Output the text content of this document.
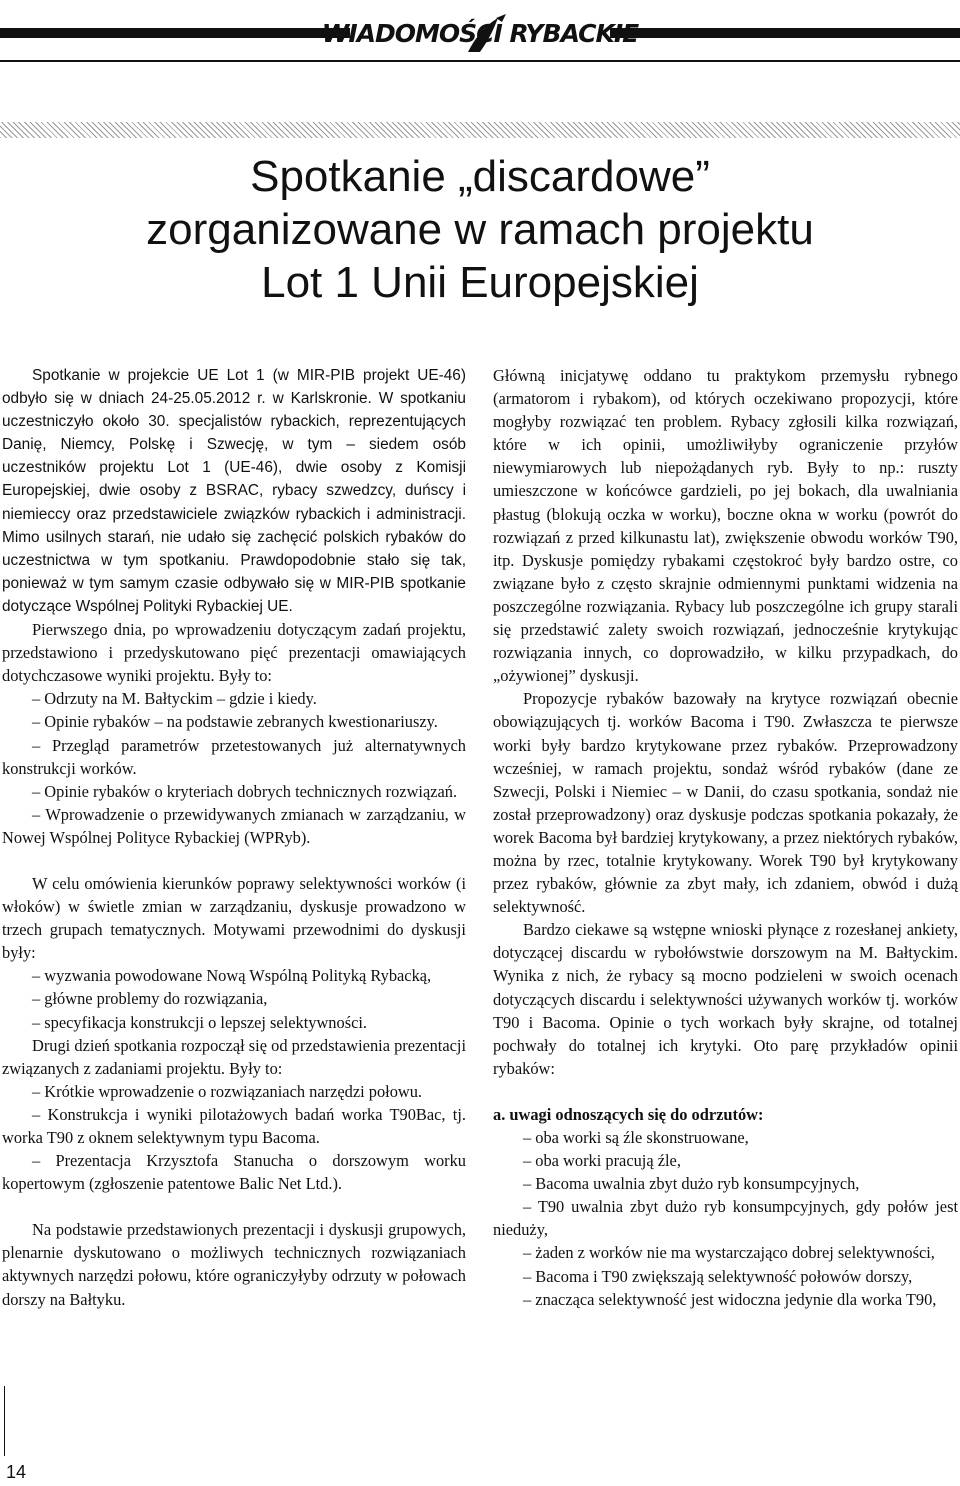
WIADOMOŚCI RYBACKIE
Spotkanie „discardowe”
zorganizowane w ramach projektu
Lot 1 Unii Europejskiej

Spotkanie w projekcie UE Lot 1 (w MIR-PIB projekt UE-46) odbyło się w dniach 24-25.05.2012 r. w Karlskronie. W spotkaniu uczestniczyło około 30. specjalistów rybackich, reprezentujących Danię, Niemcy, Polskę i Szwecję, w tym – siedem osób uczestników projektu Lot 1 (UE-46), dwie osoby z Komisji Europejskiej, dwie osoby z BSRAC, rybacy szwedzcy, duńscy i niemieccy oraz przedstawiciele związków rybackich i administracji. Mimo usilnych starań, nie udało się zachęcić polskich rybaków do uczestnictwa w tym spotkaniu. Prawdopodobnie stało się tak, ponieważ w tym samym czasie odbywało się w MIR-PIB spotkanie dotyczące Wspólnej Polityki Rybackiej UE.

Pierwszego dnia, po wprowadzeniu dotyczącym zadań projektu, przedstawiono i przedyskutowano pięć prezentacji omawiających dotychczasowe wyniki projektu. Były to:

– Odrzuty na M. Bałtyckim – gdzie i kiedy.

– Opinie rybaków – na podstawie zebranych kwestionariuszy.

– Przegląd parametrów przetestowanych już alternatywnych konstrukcji worków.

– Opinie rybaków o kryteriach dobrych technicznych rozwiązań.

– Wprowadzenie o przewidywanych zmianach w zarządzaniu, w Nowej Wspólnej Polityce Rybackiej (WPRyb).

W celu omówienia kierunków poprawy selektywności worków (i włoków) w świetle zmian w zarządzaniu, dyskusje prowadzono w trzech grupach tematycznych. Motywami przewodnimi do dyskusji były:

– wyzwania powodowane Nową Wspólną Polityką Rybacką,

– główne problemy do rozwiązania,

– specyfikacja konstrukcji o lepszej selektywności.

Drugi dzień spotkania rozpoczął się od przedstawienia prezentacji związanych z zadaniami projektu. Były to:

– Krótkie wprowadzenie o rozwiązaniach narzędzi połowu.

– Konstrukcja i wyniki pilotażowych badań worka T90Bac, tj. worka T90 z oknem selektywnym typu Bacoma.

– Prezentacja Krzysztofa Stanucha o dorszowym worku kopertowym (zgłoszenie patentowe Balic Net Ltd.).

Na podstawie przedstawionych prezentacji i dyskusji grupowych, plenarnie dyskutowano o możliwych technicznych rozwiązaniach aktywnych narzędzi połowu, które ograniczyłyby odrzuty w połowach dorszy na Bałtyku.

Główną inicjatywę oddano tu praktykom przemysłu rybnego (armatorom i rybakom), od których oczekiwano propozycji, które mogłyby rozwiązać ten problem. Rybacy zgłosili kilka rozwiązań, które w ich opinii, umożliwiłyby ograniczenie przyłów niewymiarowych lub niepożądanych ryb. Były to np.: ruszty umieszczone w końcówce gardzieli, po jej bokach, dla uwalniania płastug (blokują oczka w worku), boczne okna w worku (powrót do rozwiązań z przed kilkunastu lat), zwiększenie obwodu worków T90, itp. Dyskusje pomiędzy rybakami częstokroć były bardzo ostre, co związane było z często skrajnie odmiennymi punktami widzenia na poszczególne rozwiązania. Rybacy lub poszczególne ich grupy starali się przedstawić zalety swoich rozwiązań, jednocześnie krytykując rozwiązania innych, co doprowadziło, w kilku przypadkach, do „ożywionej” dyskusji.

Propozycje rybaków bazowały na krytyce rozwiązań obecnie obowiązujących tj. worków Bacoma i T90. Zwłaszcza te pierwsze worki były bardzo krytykowane przez rybaków. Przeprowadzony wcześniej, w ramach projektu, sondaż wśród rybaków (dane ze Szwecji, Polski i Niemiec – w Danii, do czasu spotkania, sondaż nie został przeprowadzony) oraz dyskusje podczas spotkania pokazały, że worek Bacoma był bardziej krytykowany, a przez niektórych rybaków, można by rzec, totalnie krytykowany. Worek T90 był krytykowany przez rybaków, głównie za zbyt mały, ich zdaniem, obwód i dużą selektywność.

Bardzo ciekawe są wstępne wnioski płynące z rozesłanej ankiety, dotyczącej discardu w rybołówstwie dorszowym na M. Bałtyckim. Wynika z nich, że rybacy są mocno podzieleni w swoich ocenach dotyczących discardu i selektywności używanych worków tj. worków T90 i Bacoma. Opinie o tych workach były skrajne, od totalnej pochwały do totalnej ich krytyki. Oto parę przykładów opinii rybaków:

a. uwagi odnoszących się do odrzutów:

– oba worki są źle skonstruowane,

– oba worki pracują źle,

– Bacoma uwalnia zbyt dużo ryb konsumpcyjnych,

– T90 uwalnia zbyt dużo ryb konsumpcyjnych, gdy połów jest nieduży,

– żaden z worków nie ma wystarczająco dobrej selektywności,

– Bacoma i T90 zwiększają selektywność połowów dorszy,

– znacząca selektywność jest widoczna jedynie dla worka T90,

14
